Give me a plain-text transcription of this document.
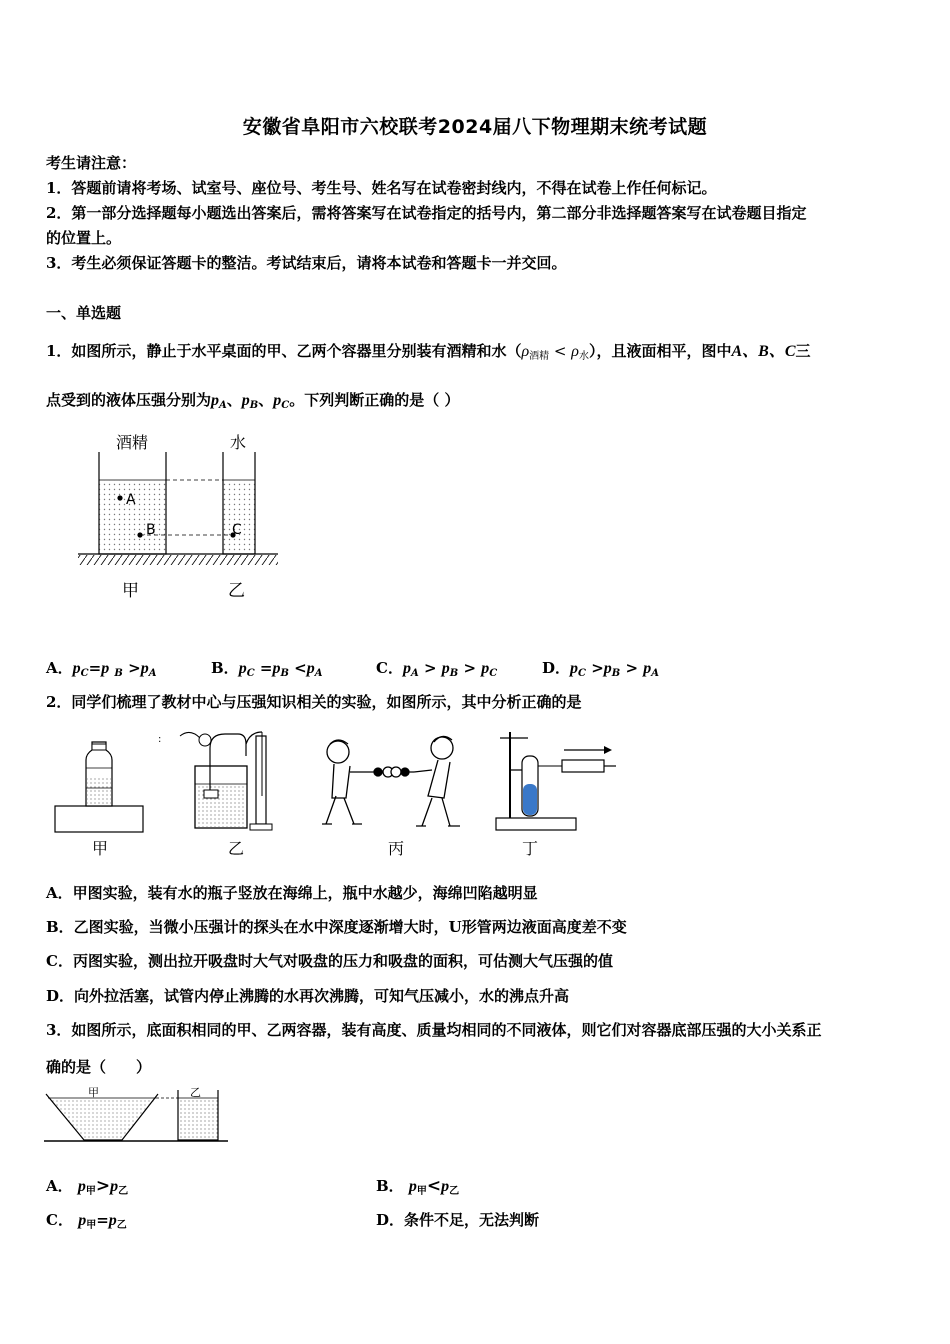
安徽省阜阳市六校联考2024届八下物理期末统考试题
考生请注意：
1．答题前请将考场、试室号、座位号、考生号、姓名写在试卷密封线内，不得在试卷上作任何标记。
2．第一部分选择题每小题选出答案后，需将答案写在试卷指定的括号内，第二部分非选择题答案写在试卷题目指定
的位置上。
3．考生必须保证答题卡的整洁。考试结束后，请将本试卷和答题卡一并交回。
一、单选题
1．如图所示，静止于水平桌面的甲、乙两个容器里分别装有酒精和水$(\rho_{酒精} < \rho_水)$，且液面相平，图中A、B、C三
点受到的液体压强分别为$p_A$、$p_B$、$p_C$。下列判断正确的是（ ）
酒精	水
A
B	C
甲	乙
A．$p_C=p$ $_B >p_A$	B．$p_C =p_B <p_A$	C．$p_A > p_B > p_C$	D．$p_C >p_B > p_A$
2．同学们梳理了教材中心与压强知识相关的实验，如图所示，其中分析正确的是
甲
:
乙	丙	丁
A．甲图实验，装有水的瓶子竖放在海绵上，瓶中水越少，海绵凹陷越明显
B．乙图实验，当微小压强计的探头在水中深度逐渐增大时，U形管两边液面高度差不变
C．丙图实验，测出拉开吸盘时大气对吸盘的压力和吸盘的面积，可估测大气压强的值
D．向外拉活塞，试管内停止沸腾的水再次沸腾，可知气压减小，水的沸点升高
3．如图所示，底面积相同的甲、乙两容器，装有高度、质量均相同的不同液体，则它们对容器底部压强的大小关系正
确的是（　　）
甲	乙
A． $p_甲>p_乙$	B． $p_甲<p_乙$
C． $p_甲=p_乙$	D．条件不足，无法判断
